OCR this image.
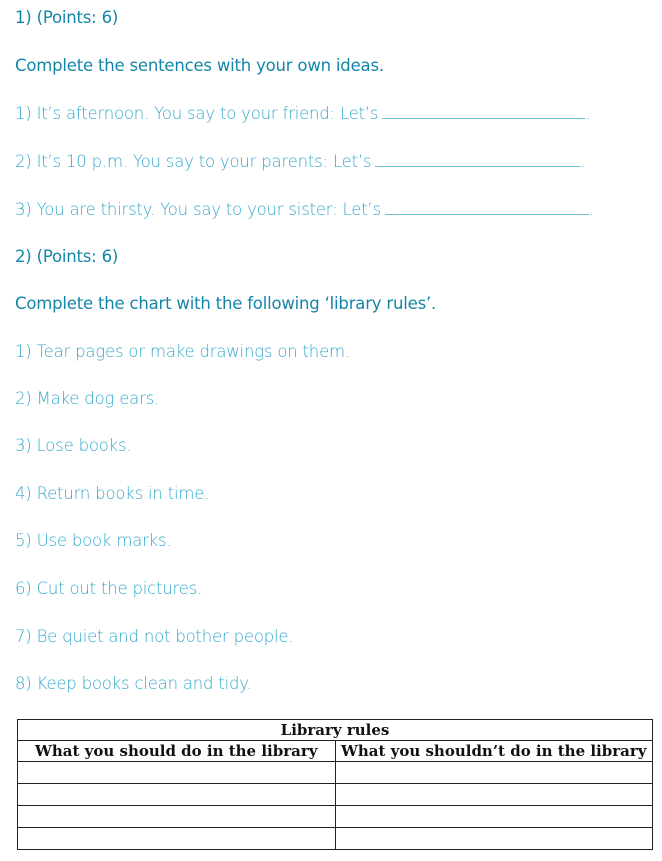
1) (Points: 6)
Complete the sentences with your own ideas.
1) It’s afternoon. You say to your friend: Let’s	.
2) It’s 10 p.m. You say to your parents: Let’s	.
3) You are thirsty. You say to your sister: Let’s	.
2) (Points: 6)
Complete the chart with the following ‘library rules’.
1) Tear pages or make drawings on them.
2) Make dog ears.
3) Lose books.
4) Return books in time.
5) Use book marks.
6) Cut out the pictures.
7) Be quiet and not bother people.
8) Keep books clean and tidy.
Library rules	
What you should do in the library	What you shouldn’t do in the library
